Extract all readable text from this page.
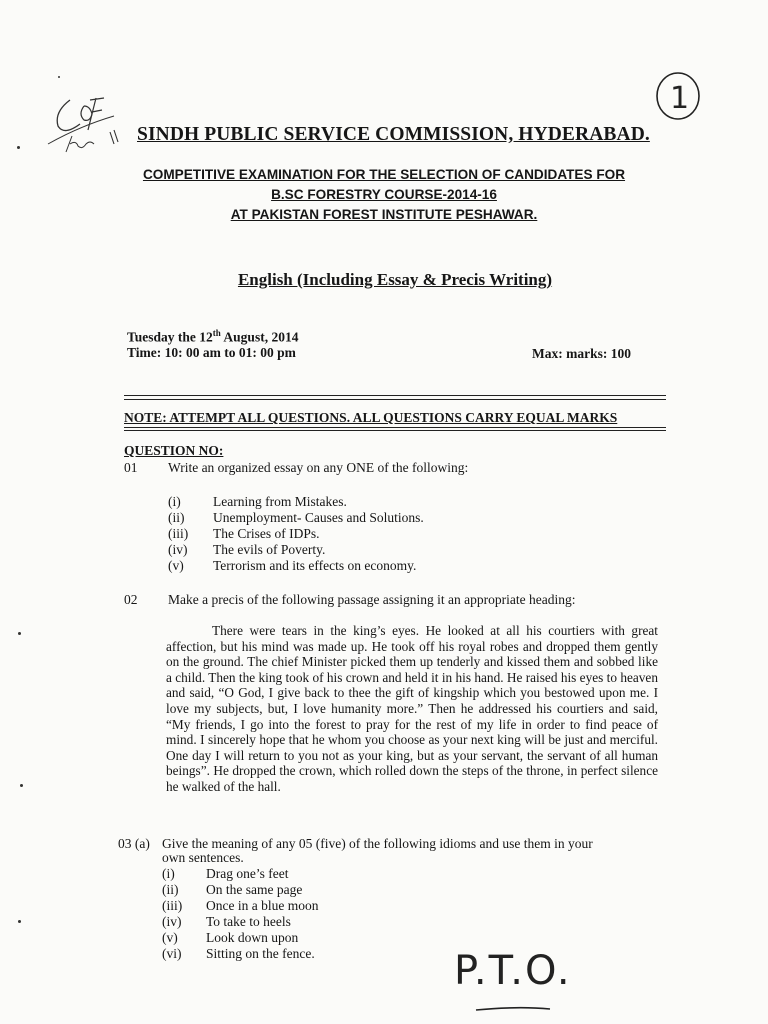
1
SINDH PUBLIC SERVICE COMMISSION, HYDERABAD.
COMPETITIVE EXAMINATION FOR THE SELECTION OF CANDIDATES FOR
B.SC FORESTRY COURSE-2014-16
AT PAKISTAN FOREST INSTITUTE PESHAWAR.
English (Including Essay & Precis Writing)
Tuesday the 12th August, 2014
Time: 10: 00 am to 01: 00 pm	Max: marks: 100
NOTE: ATTEMPT ALL QUESTIONS. ALL QUESTIONS CARRY EQUAL MARKS
QUESTION NO:
01 Write an organized essay on any ONE of the following:
(i) Learning from Mistakes.
(ii) Unemployment- Causes and Solutions.
(iii) The Crises of IDPs.
(iv) The evils of Poverty.
(v) Terrorism and its effects on economy.
02 Make a precis of the following passage assigning it an appropriate heading:
There were tears in the king’s eyes. He looked at all his courtiers with great affection, but his mind was made up. He took off his royal robes and dropped them gently on the ground. The chief Minister picked them up tenderly and kissed them and sobbed like a child. Then the king took of his crown and held it in his hand. He raised his eyes to heaven and said, “O God, I give back to thee the gift of kingship which you bestowed upon me. I love my subjects, but, I love humanity more.” Then he addressed his courtiers and said, “My friends, I go into the forest to pray for the rest of my life in order to find peace of mind. I sincerely hope that he whom you choose as your next king will be just and merciful. One day I will return to you not as your king, but as your servant, the servant of all human beings”. He dropped the crown, which rolled down the steps of the throne, in perfect silence he walked of the hall.
03 (a) Give the meaning of any 05 (five) of the following idioms and use them in your
own sentences.
(i) Drag one’s feet
(ii) On the same page
(iii) Once in a blue moon
(iv) To take to heels
(v) Look down upon
(vi) Sitting on the fence.	P.T.O.
